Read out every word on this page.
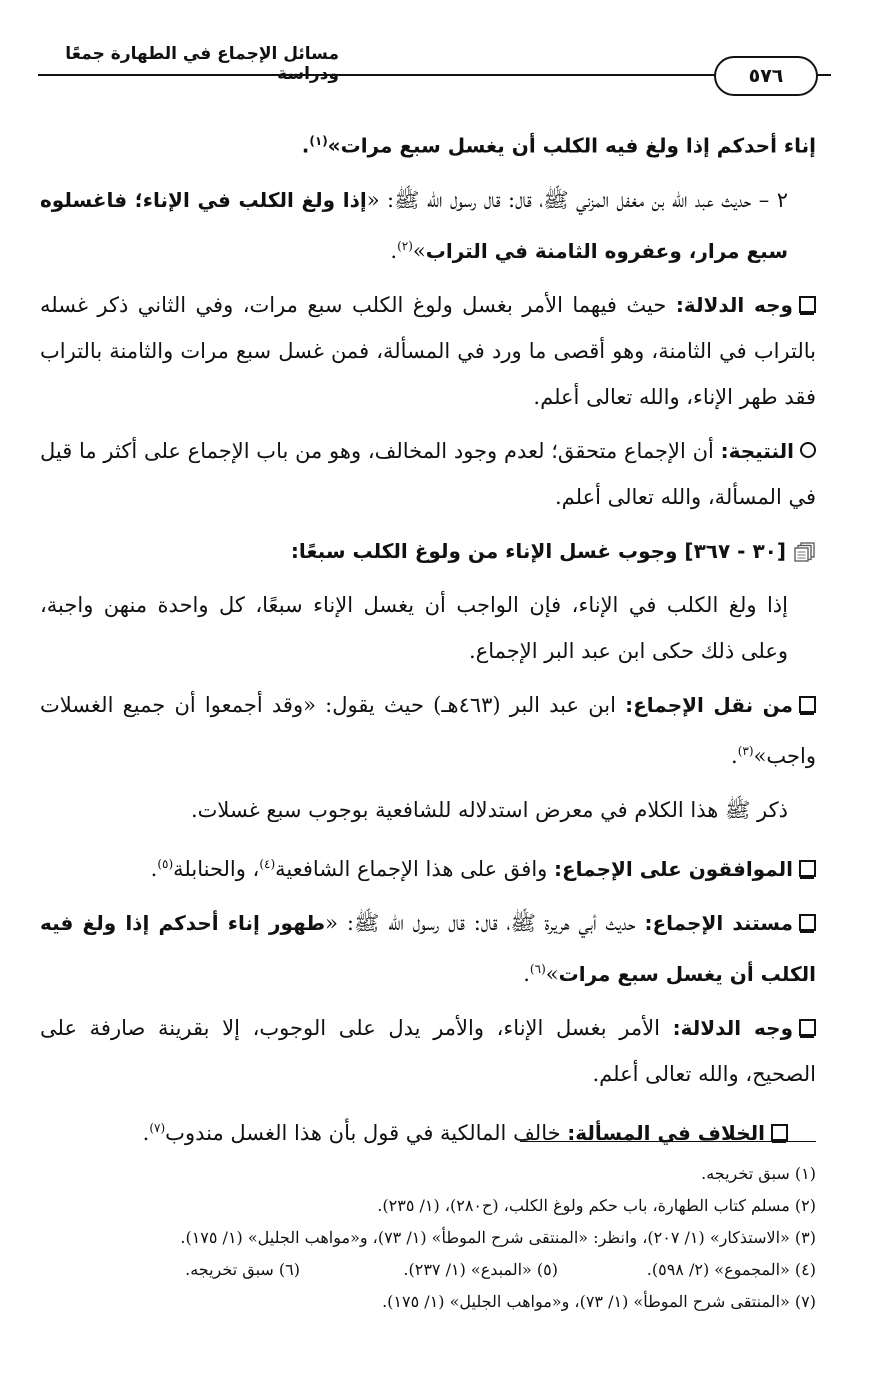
مسائل الإجماع في الطهارة جمعًا ودراسة	٥٧٦

إناء أحدكم إذا ولغ فيه الكلب أن يغسل سبع مرات»$^{(١)}$.

٢ – حديث عبد الله بن مغفل المزني ﷺ، قال: قال رسول الله ﷺ: «إذا ولغ الكلب في الإناء؛ فاغسلوه سبع مرار، وعفروه الثامنة في التراب»$^{(٢)}$.

وجه الدلالة: حيث فيهما الأمر بغسل ولوغ الكلب سبع مرات، وفي الثاني ذكر غسله بالتراب في الثامنة، وهو أقصى ما ورد في المسألة، فمن غسل سبع مرات والثامنة بالتراب فقد طهر الإناء، والله تعالى أعلم.

النتيجة: أن الإجماع متحقق؛ لعدم وجود المخالف، وهو من باب الإجماع على أكثر ما قيل في المسألة، والله تعالى أعلم.

[٣٠ - ٣٦٧] وجوب غسل الإناء من ولوغ الكلب سبعًا:

إذا ولغ الكلب في الإناء، فإن الواجب أن يغسل الإناء سبعًا، كل واحدة منهن واجبة، وعلى ذلك حكى ابن عبد البر الإجماع.

من نقل الإجماع: ابن عبد البر (٤٦٣هـ) حيث يقول: «وقد أجمعوا أن جميع الغسلات واجب»$^{(٣)}$.

ذكر ﷺ هذا الكلام في معرض استدلاله للشافعية بوجوب سبع غسلات.

الموافقون على الإجماع: وافق على هذا الإجماع الشافعية$^{(٤)}$، والحنابلة$^{(٥)}$.

مستند الإجماع: حديث أبي هريرة ﷺ، قال: قال رسول الله ﷺ: «طهور إناء أحدكم إذا ولغ فيه الكلب أن يغسل سبع مرات»$^{(٦)}$.

وجه الدلالة: الأمر بغسل الإناء، والأمر يدل على الوجوب، إلا بقرينة صارفة على الصحيح، والله تعالى أعلم.

الخلاف في المسألة: خالف المالكية في قول بأن هذا الغسل مندوب$^{(٧)}$.

(١) سبق تخريجه.

(٢) مسلم كتاب الطهارة، باب حكم ولوغ الكلب، (ح٢٨٠)، (١/ ٢٣٥).

(٣) «الاستذكار» (١/ ٢٠٧)، وانظر: «المنتقى شرح الموطأ» (١/ ٧٣)، و«مواهب الجليل» (١/ ١٧٥).

(٤) «المجموع» (٢/ ٥٩٨).
(٥) «المبدع» (١/ ٢٣٧).
(٦) سبق تخريجه.

(٧) «المنتقى شرح الموطأ» (١/ ٧٣)، و«مواهب الجليل» (١/ ١٧٥).
